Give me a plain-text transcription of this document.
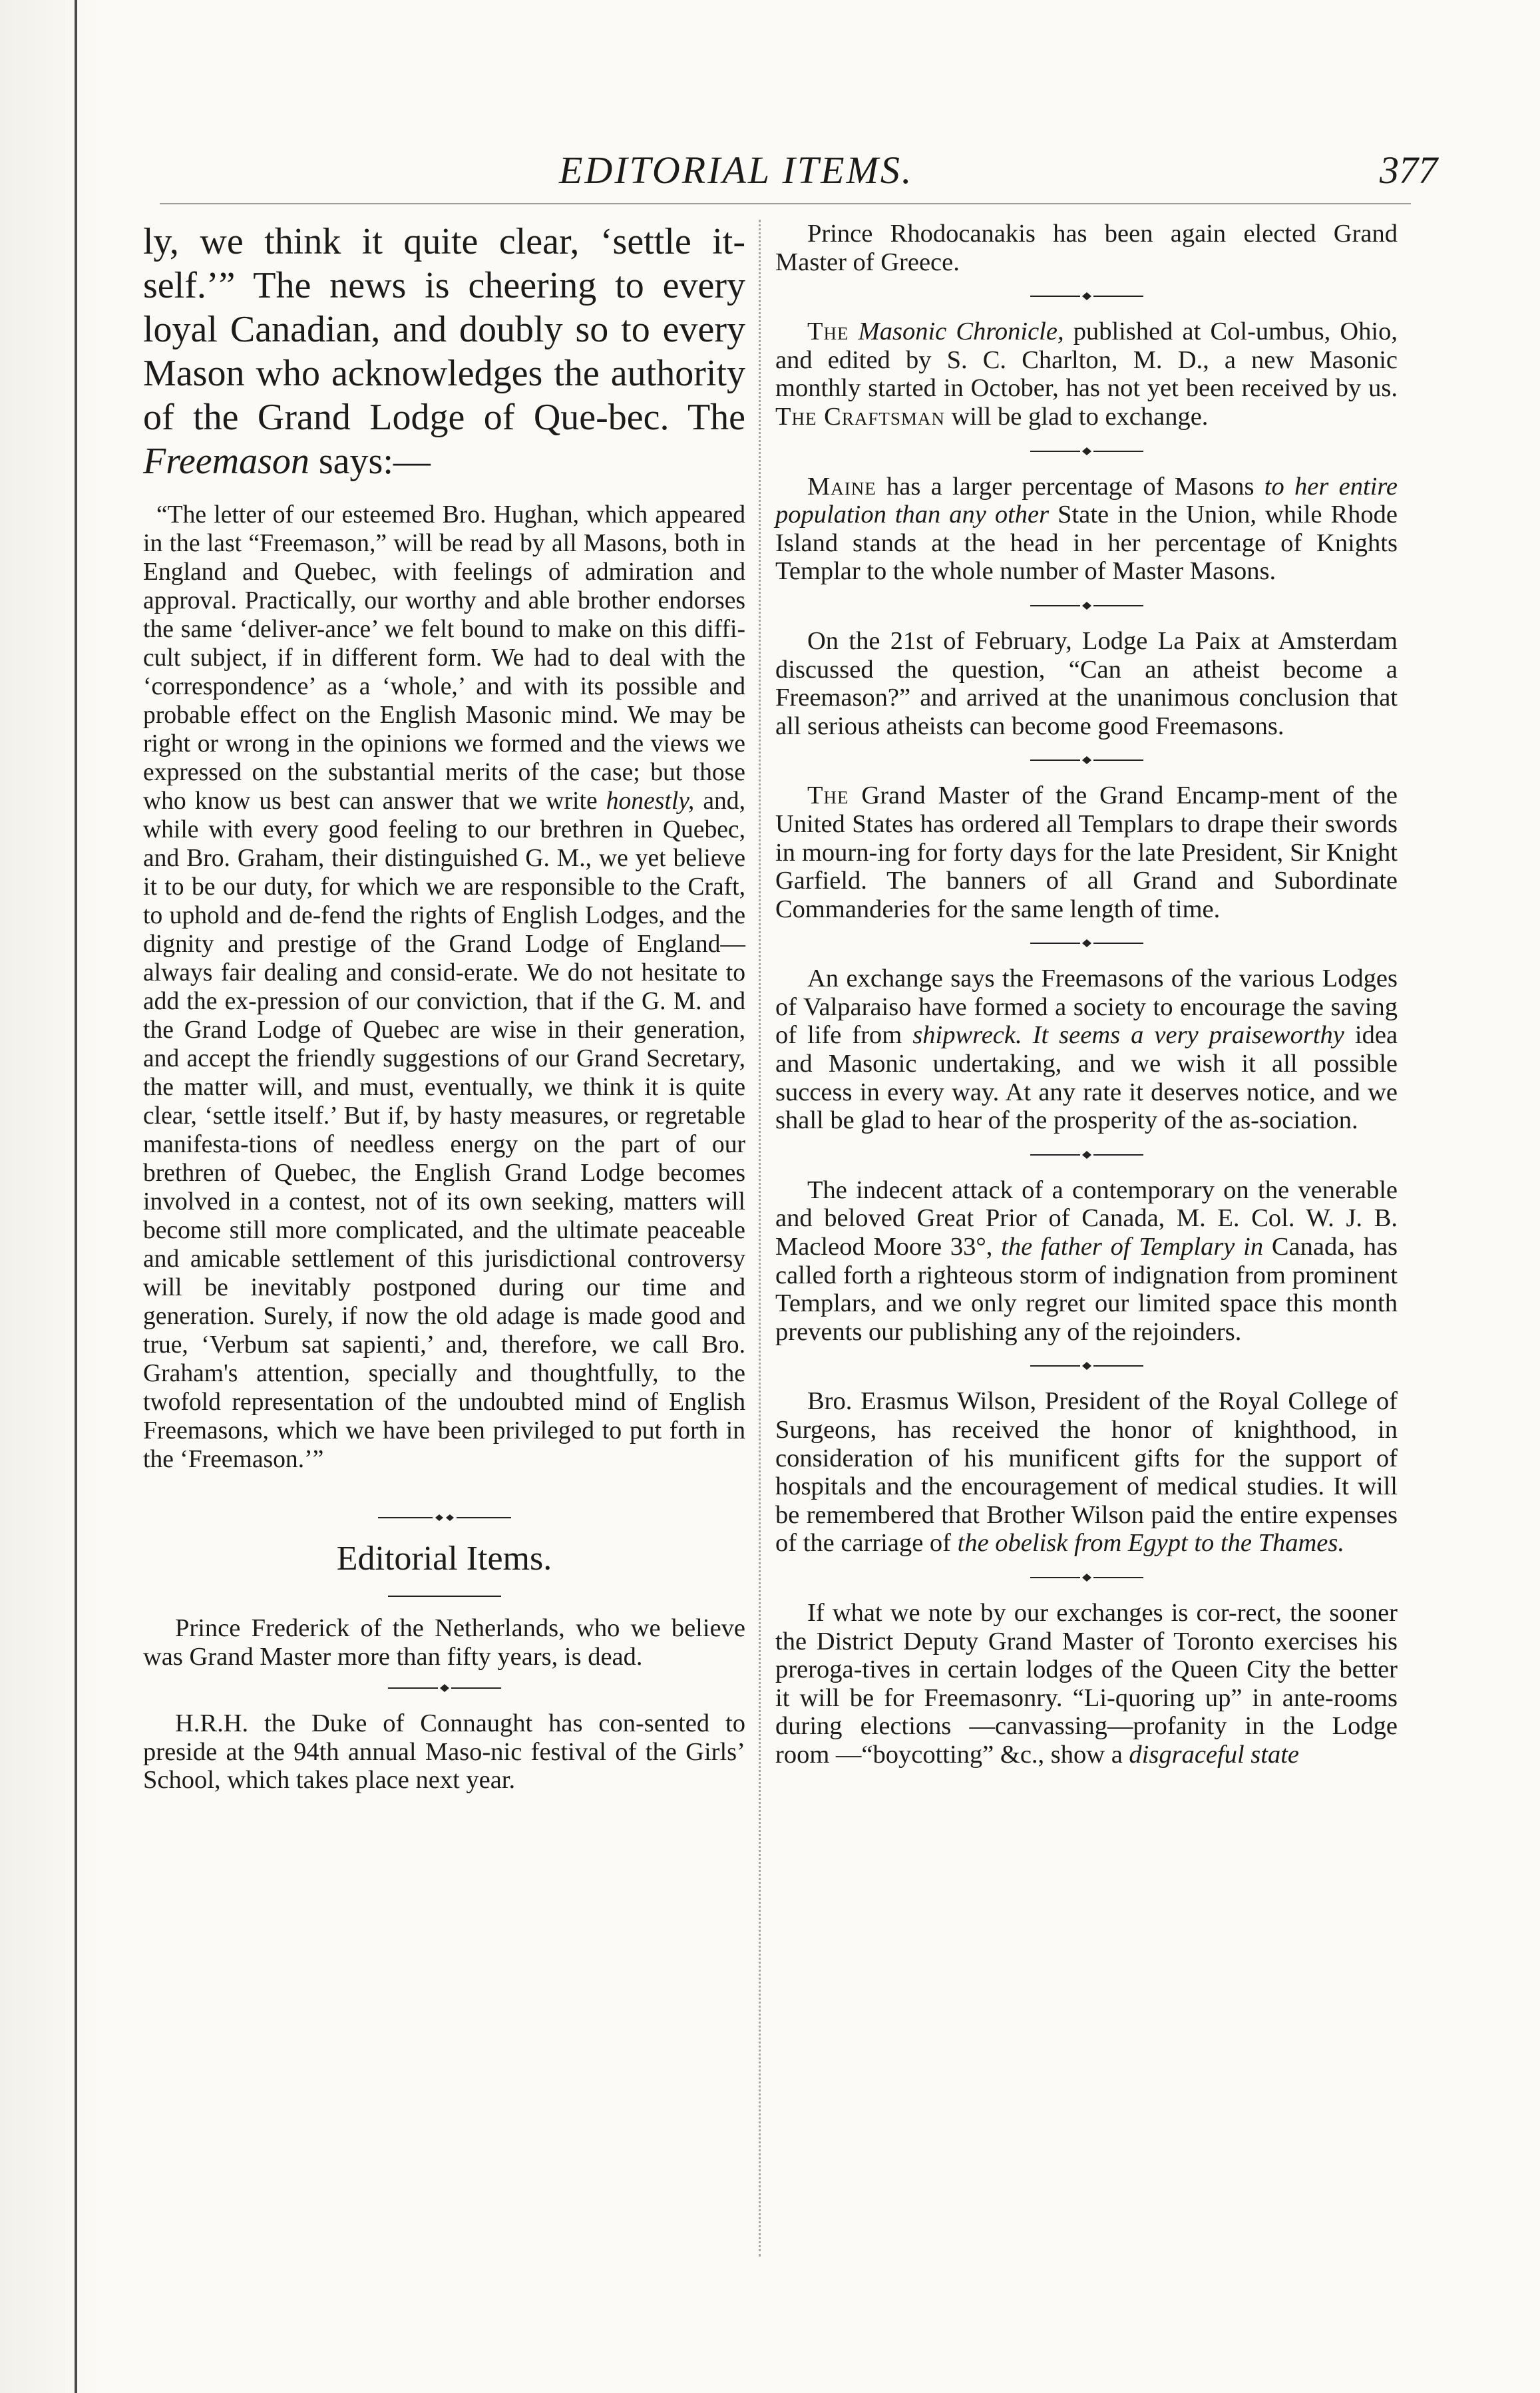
EDITORIAL ITEMS.	377

ly, we think it quite clear, ‘settle it-self.’” The news is cheering to every loyal Canadian, and doubly so to every Mason who acknowledges the authority of the Grand Lodge of Que-bec. The Freemason says:—

“The letter of our esteemed Bro. Hughan, which appeared in the last “Freemason,” will be read by all Masons, both in England and Quebec, with feelings of admiration and approval. Practically, our worthy and able brother endorses the same ‘deliver-ance’ we felt bound to make on this diffi-cult subject, if in different form. We had to deal with the ‘correspondence’ as a ‘whole,’ and with its possible and probable effect on the English Masonic mind. We may be right or wrong in the opinions we formed and the views we expressed on the substantial merits of the case; but those who know us best can answer that we write honestly, and, while with every good feeling to our brethren in Quebec, and Bro. Graham, their distinguished G. M., we yet believe it to be our duty, for which we are responsible to the Craft, to uphold and de-fend the rights of English Lodges, and the dignity and prestige of the Grand Lodge of England—always fair dealing and consid-erate. We do not hesitate to add the ex-pression of our conviction, that if the G. M. and the Grand Lodge of Quebec are wise in their generation, and accept the friendly suggestions of our Grand Secretary, the matter will, and must, eventually, we think it is quite clear, ‘settle itself.’ But if, by hasty measures, or regretable manifesta-tions of needless energy on the part of our brethren of Quebec, the English Grand Lodge becomes involved in a contest, not of its own seeking, matters will become still more complicated, and the ultimate peaceable and amicable settlement of this jurisdictional controversy will be inevitably postponed during our time and generation. Surely, if now the old adage is made good and true, ‘Verbum sat sapienti,’ and, therefore, we call Bro. Graham's attention, specially and thoughtfully, to the twofold representation of the undoubted mind of English Freemasons, which we have been privileged to put forth in the ‘Freemason.’”

Editorial Items.

Prince Frederick of the Netherlands, who we believe was Grand Master more than fifty years, is dead.

H.R.H. the Duke of Connaught has con-sented to preside at the 94th annual Maso-nic festival of the Girls’ School, which takes place next year.

Prince Rhodocanakis has been again elected Grand Master of Greece.

The Masonic Chronicle, published at Col-umbus, Ohio, and edited by S. C. Charlton, M. D., a new Masonic monthly started in October, has not yet been received by us. The Craftsman will be glad to exchange.

Maine has a larger percentage of Masons to her entire population than any other State in the Union, while Rhode Island stands at the head in her percentage of Knights Templar to the whole number of Master Masons.

On the 21st of February, Lodge La Paix at Amsterdam discussed the question, “Can an atheist become a Freemason?” and arrived at the unanimous conclusion that all serious atheists can become good Freemasons.

The Grand Master of the Grand Encamp-ment of the United States has ordered all Templars to drape their swords in mourn-ing for forty days for the late President, Sir Knight Garfield. The banners of all Grand and Subordinate Commanderies for the same length of time.

An exchange says the Freemasons of the various Lodges of Valparaiso have formed a society to encourage the saving of life from shipwreck. It seems a very praiseworthy idea and Masonic undertaking, and we wish it all possible success in every way. At any rate it deserves notice, and we shall be glad to hear of the prosperity of the as-sociation.

The indecent attack of a contemporary on the venerable and beloved Great Prior of Canada, M. E. Col. W. J. B. Macleod Moore 33°, the father of Templary in Canada, has called forth a righteous storm of indignation from prominent Templars, and we only regret our limited space this month prevents our publishing any of the rejoinders.

Bro. Erasmus Wilson, President of the Royal College of Surgeons, has received the honor of knighthood, in consideration of his munificent gifts for the support of hospitals and the encouragement of medical studies. It will be remembered that Brother Wilson paid the entire expenses of the carriage of the obelisk from Egypt to the Thames.

If what we note by our exchanges is cor-rect, the sooner the District Deputy Grand Master of Toronto exercises his preroga-tives in certain lodges of the Queen City the better it will be for Freemasonry. “Li-quoring up” in ante-rooms during elections —canvassing—profanity in the Lodge room —“boycotting” &c., show a disgraceful state
